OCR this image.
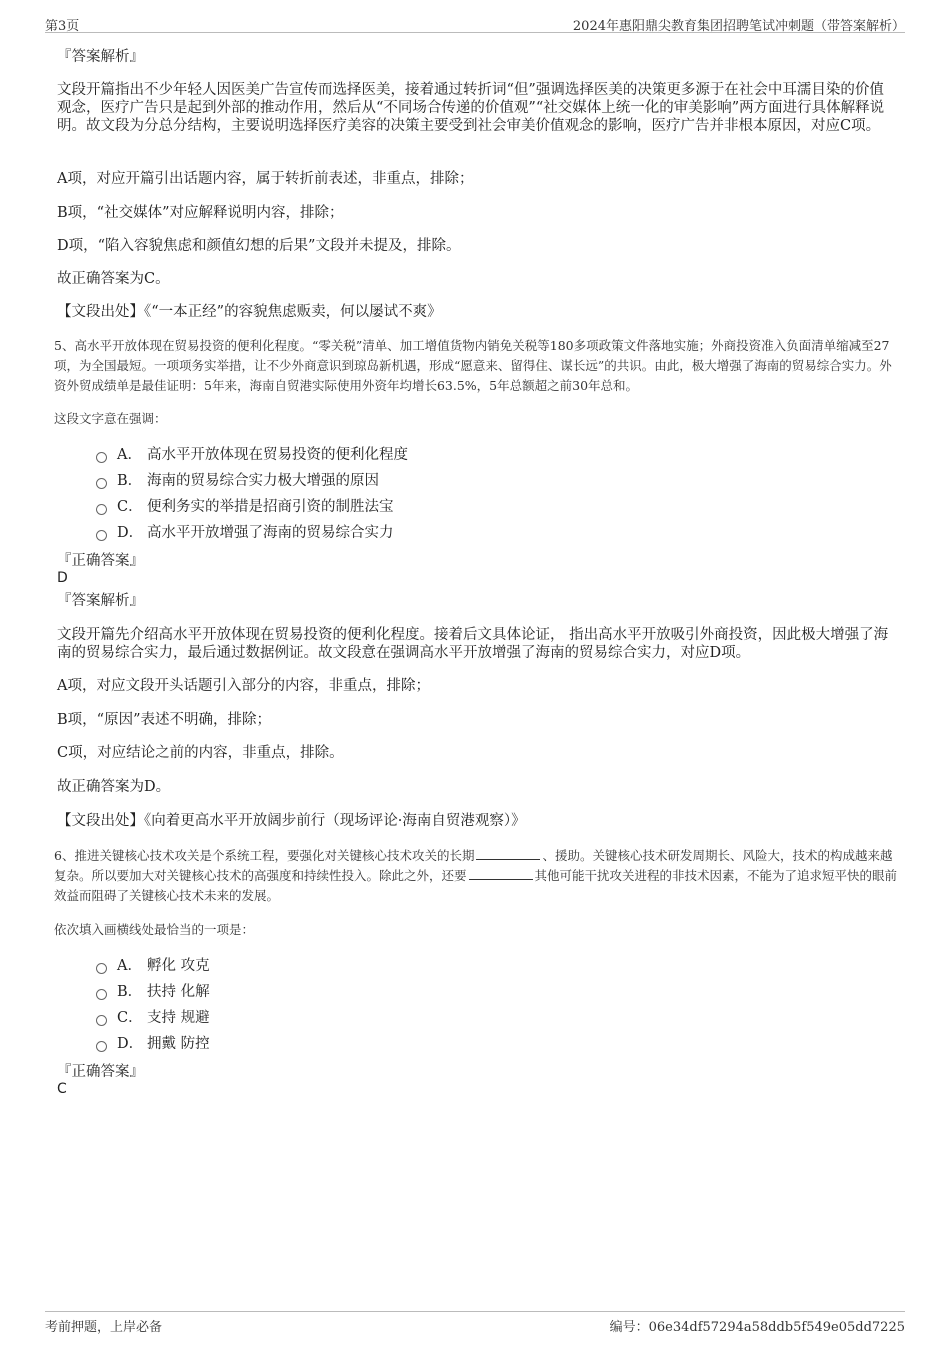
第3页	2024年惠阳鼎尖教育集团招聘笔试冲刺题（带答案解析）
『答案解析』
文段开篇指出不少年轻人因医美广告宣传而选择医美，接着通过转折词“但”强调选择医美的决策更多源于在社会中耳濡目染的价值观念，医疗广告只是起到外部的推动作用，然后从“不同场合传递的价值观”“社交媒体上统一化的审美影响”两方面进行具体解释说明。故文段为分总分结构，主要说明选择医疗美容的决策主要受到社会审美价值观念的影响，医疗广告并非根本原因，对应C项。
A项，对应开篇引出话题内容，属于转折前表述，非重点，排除；
B项，“社交媒体”对应解释说明内容，排除；
D项，“陷入容貌焦虑和颜值幻想的后果”文段并未提及，排除。
故正确答案为C。
【文段出处】《“一本正经”的容貌焦虑贩卖，何以屡试不爽》
5、高水平开放体现在贸易投资的便利化程度。“零关税”清单、加工增值货物内销免关税等180多项政策文件落地实施；外商投资准入负面清单缩减至27项，为全国最短。一项项务实举措，让不少外商意识到琼岛新机遇，形成“愿意来、留得住、谋长远”的共识。由此，极大增强了海南的贸易综合实力。外资外贸成绩单是最佳证明：5年来，海南自贸港实际使用外资年均增长63.5%，5年总额超之前30年总和。
这段文字意在强调：
A． 高水平开放体现在贸易投资的便利化程度
B． 海南的贸易综合实力极大增强的原因
C． 便利务实的举措是招商引资的制胜法宝
D． 高水平开放增强了海南的贸易综合实力
『正确答案』
D
『答案解析』
文段开篇先介绍高水平开放体现在贸易投资的便利化程度。接着后文具体论证， 指出高水平开放吸引外商投资，因此极大增强了海南的贸易综合实力，最后通过数据例证。故文段意在强调高水平开放增强了海南的贸易综合实力，对应D项。
A项，对应文段开头话题引入部分的内容，非重点，排除；
B项，“原因”表述不明确，排除；
C项，对应结论之前的内容，非重点，排除。
故正确答案为D。
【文段出处】《向着更高水平开放阔步前行（现场评论·海南自贸港观察）》
6、推进关键核心技术攻关是个系统工程，要强化对关键核心技术攻关的长期	、援助。关键核心技术研发周期长、风险大，技术的构成越来越复杂。所以要加大对关键核心技术的高强度和持续性投入。除此之外，还要	其他可能干扰攻关进程的非技术因素，不能为了追求短平快的眼前效益而阻碍了关键核心技术未来的发展。
依次填入画横线处最恰当的一项是：
A． 孵化 攻克
B． 扶持 化解
C． 支持 规避
D． 拥戴 防控
『正确答案』
C
考前押题，上岸必备	编号：06e34df57294a58ddb5f549e05dd7225
